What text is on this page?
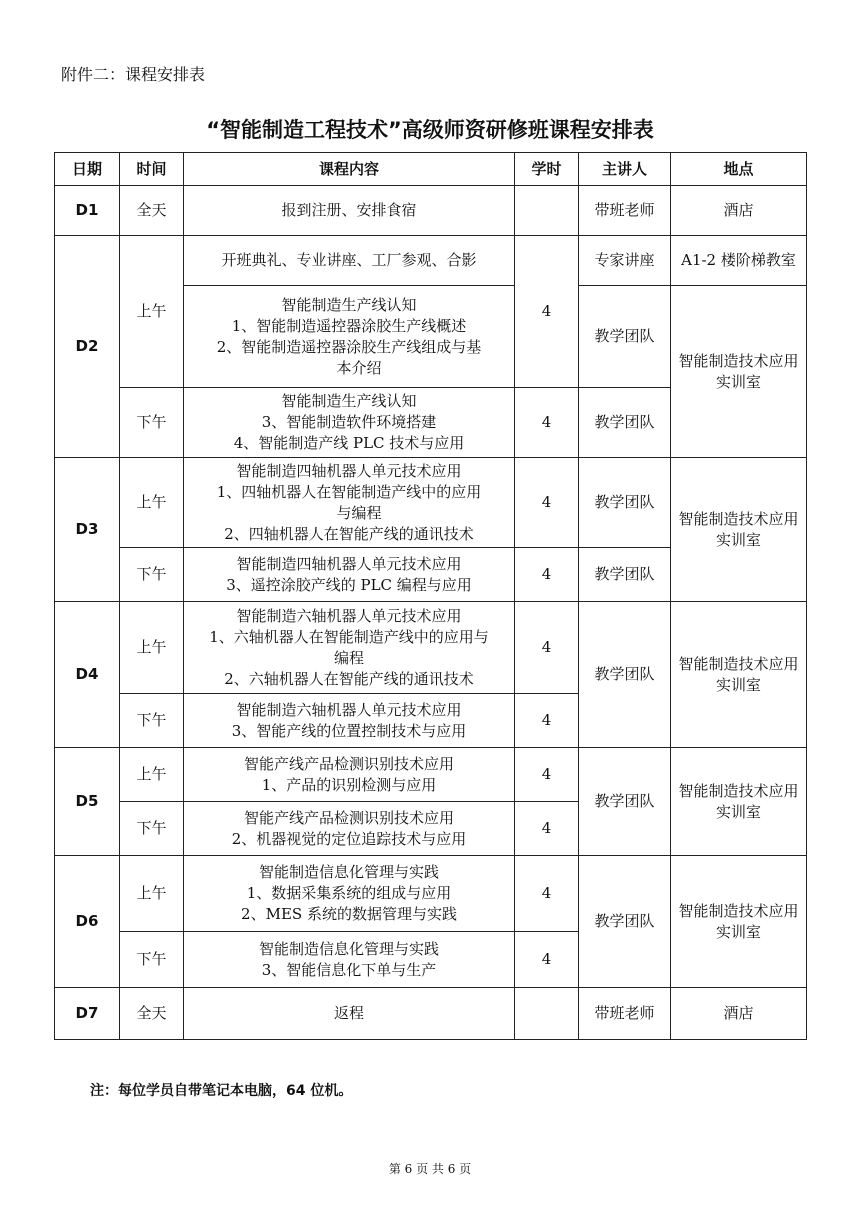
附件二：课程安排表
“智能制造工程技术”高级师资研修班课程安排表
日期	时间	课程内容	学时	主讲人	地点
D1	全天	报到注册、安排食宿		带班老师	酒店
D2	上午	开班典礼、专业讲座、工厂参观、合影	4	专家讲座	A1-2 楼阶梯教室

		智能制造生产线认知
1、智能制造遥控器涂胶生产线概述
2、智能制造遥控器涂胶生产线组成与基
本介绍		教学团队	智能制造技术应用实训室
	下午	智能制造生产线认知
3、智能制造软件环境搭建
4、智能制造产线 PLC 技术与应用	4	教学团队	
D3	上午	智能制造四轴机器人单元技术应用
1、四轴机器人在智能制造产线中的应用
与编程
2、四轴机器人在智能产线的通讯技术	4	教学团队	智能制造技术应用实训室
	下午	智能制造四轴机器人单元技术应用
3、遥控涂胶产线的 PLC 编程与应用	4	教学团队	
D4	上午	智能制造六轴机器人单元技术应用
1、六轴机器人在智能制造产线中的应用与
编程
2、六轴机器人在智能产线的通讯技术	4	教学团队	智能制造技术应用实训室
	下午	智能制造六轴机器人单元技术应用
3、智能产线的位置控制技术与应用	4		
D5	上午	智能产线产品检测识别技术应用
1、产品的识别检测与应用	4	教学团队	智能制造技术应用实训室
	下午	智能产线产品检测识别技术应用
2、机器视觉的定位追踪技术与应用	4		
D6	上午	智能制造信息化管理与实践
1、数据采集系统的组成与应用
2、MES 系统的数据管理与实践	4	教学团队	智能制造技术应用实训室
	下午	智能制造信息化管理与实践
3、智能信息化下单与生产	4		
D7	全天	返程		带班老师	酒店
注：每位学员自带笔记本电脑，64 位机。
第 6 页 共 6 页
